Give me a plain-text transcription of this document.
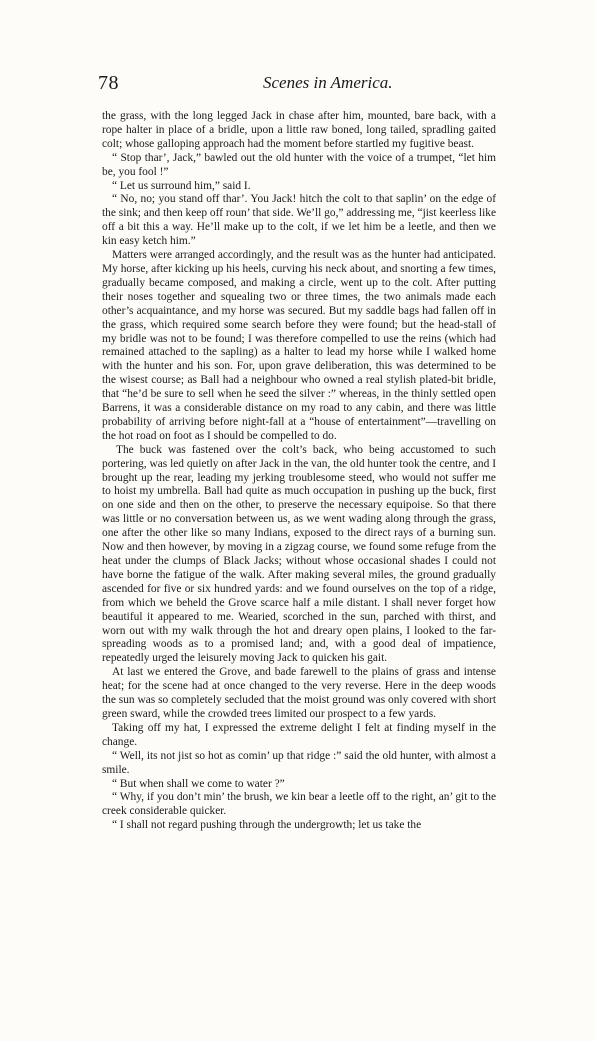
78	Scenes in America.

the grass, with the long legged Jack in chase after him, mounted, bare back, with a rope halter in place of a bridle, upon a little raw boned, long tailed, spradling gaited colt; whose galloping approach had the moment before startled my fugitive beast.

“ Stop thar’, Jack,” bawled out the old hunter with the voice of a trumpet, “let him be, you fool !”

“ Let us surround him,” said I.

“ No, no; you stand off thar’. You Jack! hitch the colt to that saplin’ on the edge of the sink; and then keep off roun’ that side. We’ll go,” addressing me, “jist keerless like off a bit this a way. He’ll make up to the colt, if we let him be a leetle, and then we kin easy ketch him.”

Matters were arranged accordingly, and the result was as the hunter had anticipated. My horse, after kicking up his heels, curving his neck about, and snorting a few times, gradually became composed, and making a circle, went up to the colt. After putting their noses together and squealing two or three times, the two animals made each other’s acquaintance, and my horse was secured. But my saddle bags had fallen off in the grass, which required some search before they were found; but the head-stall of my bridle was not to be found; I was therefore compelled to use the reins (which had remained attached to the sapling) as a halter to lead my horse while I walked home with the hunter and his son. For, upon grave deliberation, this was determined to be the wisest course; as Ball had a neighbour who owned a real stylish plated-bit bridle, that “he’d be sure to sell when he seed the silver :” whereas, in the thinly settled open Barrens, it was a considerable distance on my road to any cabin, and there was little probability of arriving before night-fall at a “house of entertainment”—travelling on the hot road on foot as I should be compelled to do.

The buck was fastened over the colt’s back, who being accustomed to such portering, was led quietly on after Jack in the van, the old hunter took the centre, and I brought up the rear, leading my jerking troublesome steed, who would not suffer me to hoist my umbrella. Ball had quite as much occupation in pushing up the buck, first on one side and then on the other, to preserve the necessary equipoise. So that there was little or no conversation between us, as we went wading along through the grass, one after the other like so many Indians, exposed to the direct rays of a burning sun. Now and then however, by moving in a zigzag course, we found some refuge from the heat under the clumps of Black Jacks; without whose occasional shades I could not have borne the fatigue of the walk. After making several miles, the ground gradually ascended for five or six hundred yards: and we found ourselves on the top of a ridge, from which we beheld the Grove scarce half a mile distant. I shall never forget how beautiful it appeared to me. Wearied, scorched in the sun, parched with thirst, and worn out with my walk through the hot and dreary open plains, I looked to the far-spreading woods as to a promised land; and, with a good deal of impatience, repeatedly urged the leisurely moving Jack to quicken his gait.

At last we entered the Grove, and bade farewell to the plains of grass and intense heat; for the scene had at once changed to the very reverse. Here in the deep woods the sun was so completely secluded that the moist ground was only covered with short green sward, while the crowded trees limited our prospect to a few yards.

Taking off my hat, I expressed the extreme delight I felt at finding myself in the change.

“ Well, its not jist so hot as comin’ up that ridge :” said the old hunter, with almost a smile.

“ But when shall we come to water ?”

“ Why, if you don’t min’ the brush, we kin bear a leetle off to the right, an’ git to the creek considerable quicker.

“ I shall not regard pushing through the undergrowth; let us take the
